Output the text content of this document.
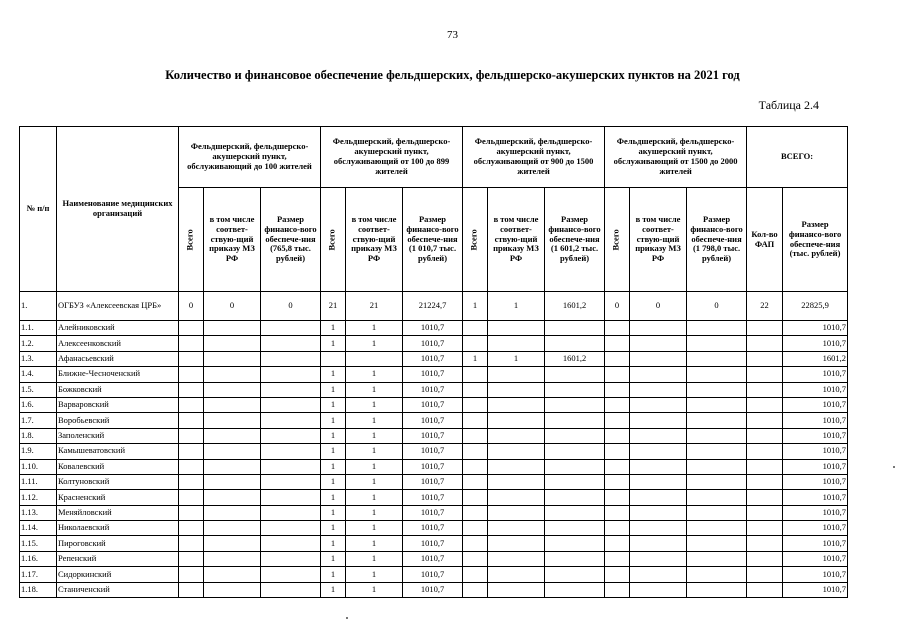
73
Количество и финансовое обеспечение фельдшерских, фельдшерско-акушерских пунктов на 2021 год
Таблица 2.4
№ п/п	Наименование медицинских организаций	Фельдшерский, фельдшерско-акушерский пункт, обслуживающий до 100 жителей			Фельдшерский, фельдшерско-акушерский пункт, обслуживающий от 100 до 899 жителей			Фельдшерский, фельдшерско-акушерский пункт, обслуживающий от 900 до 1500 жителей			Фельдшерский, фельдшерско-акушерский пункт, обслуживающий от 1500 до 2000 жителей			ВСЕГО:	
		Всего	в том числе соответ-ствую-щий приказу МЗ РФ	Размер финансо-вого обеспече-ния (765,8 тыс. рублей)	Всего	в том числе соответ-ствую-щий приказу МЗ РФ	Размер финансо-вого обеспече-ния (1 010,7 тыс. рублей)	Всего	в том числе соответ-ствую-щий приказу МЗ РФ	Размер финансо-вого обеспече-ния (1 601,2 тыс. рублей)	Всего	в том числе соответ-ствую-щий приказу МЗ РФ	Размер финансо-вого обеспече-ния (1 798,0 тыс. рублей)	Кол-во ФАП	Размер финансо-вого обеспече-ния (тыс. рублей)
1.	ОГБУЗ «Алексеевская ЦРБ»	0	0	0	21	21	21224,7	1	1	1601,2	0	0	0	22	22825,9
1.1.	Алейниковский				1	1	1010,7								1010,7
1.2.	Алексеенковский				1	1	1010,7								1010,7
1.3.	Афанасьевский						1010,7	1	1	1601,2					1601,2
1.4.	Ближне-Чесноченский				1	1	1010,7								1010,7
1.5.	Божковский				1	1	1010,7								1010,7
1.6.	Варваровский				1	1	1010,7								1010,7
1.7.	Воробьевский				1	1	1010,7								1010,7
1.8.	Заполенский				1	1	1010,7								1010,7
1.9.	Камышеватовский				1	1	1010,7								1010,7
1.10.	Ковалевский				1	1	1010,7								1010,7
1.11.	Колтуновский				1	1	1010,7								1010,7
1.12.	Красненский				1	1	1010,7								1010,7
1.13.	Меняйловский				1	1	1010,7								1010,7
1.14.	Николаевский				1	1	1010,7								1010,7
1.15.	Пироговский				1	1	1010,7								1010,7
1.16.	Репенский				1	1	1010,7								1010,7
1.17.	Сидоркинский				1	1	1010,7								1010,7
1.18.	Станиченский				1	1	1010,7								1010,7
